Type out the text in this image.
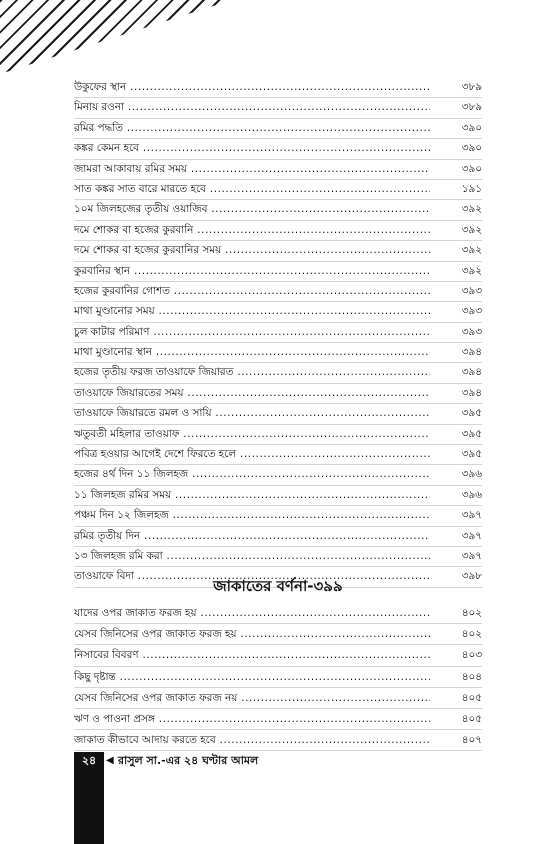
উকুফের স্থান .....	৩৮৯
মিনায় রওনা .....	৩৮৯
রমির পদ্ধতি .....	৩৯০
কঙ্কর কেমন হবে .....	৩৯০
জামরা আকাবায় রমির সময় .....	৩৯০
সাত কঙ্কর সাত বারে মারতে হবে .....	১৯১
১০ম জিলহজের তৃতীয় ওয়াজিব .....	৩৯২
দমে শোকর বা হজের কুরবানি .....	৩৯২
দমে শোকর বা হজের কুরবানির সময় .....	৩৯২
কুরবানির স্থান .....	৩৯২
হজের কুরবানির গোশত .....	৩৯৩
মাথা মুণ্ডানোর সময় .....	৩৯৩
চুল কাটার পরিমাণ .....	৩৯৩
মাথা মুণ্ডানোর স্থান .....	৩৯৪
হজের তৃতীয় ফরজ তাওয়াফে জিয়ারত .....	৩৯৪
তাওয়াফে জিয়ারতের সময় .....	৩৯৪
তাওয়াফে জিয়ারতে রমল ও সায়ি .....	৩৯৫
ঋতুবতী মহিলার তাওয়াফ .....	৩৯৫
পবিত্র হওয়ার আগেই দেশে ফিরতে হলে .....	৩৯৫
হজের ৪র্থ দিন ১১ জিলহজ .....	৩৯৬
১১ জিলহজ রমির সময় .....	৩৯৬
পঞ্চম দিন ১২ জিলহজ .....	৩৯৭
রমির তৃতীয় দিন .....	৩৯৭
১৩ জিলহজ রমি করা .....	৩৯৭
তাওয়াফে বিদা .....	৩৯৮
জাকাতের বর্ণনা-৩৯৯
যাদের ওপর জাকাত ফরজ হয় .....	৪০২
যেসব জিনিসের ওপর জাকাত ফরজ হয় .....	৪০২
নিসাবের বিবরণ .....	৪০৩
কিছু দৃষ্টান্ত .....	৪০৪
যেসব জিনিসের ওপর জাকাত ফরজ নয় .....	৪০৫
ঋণ ও পাওনা প্রসঙ্গ .....	৪০৫
জাকাত কীভাবে আদায় করতে হবে .....	৪০৭
২৪ ◀ রাসুল সা.-এর ২৪ ঘণ্টার আমল
